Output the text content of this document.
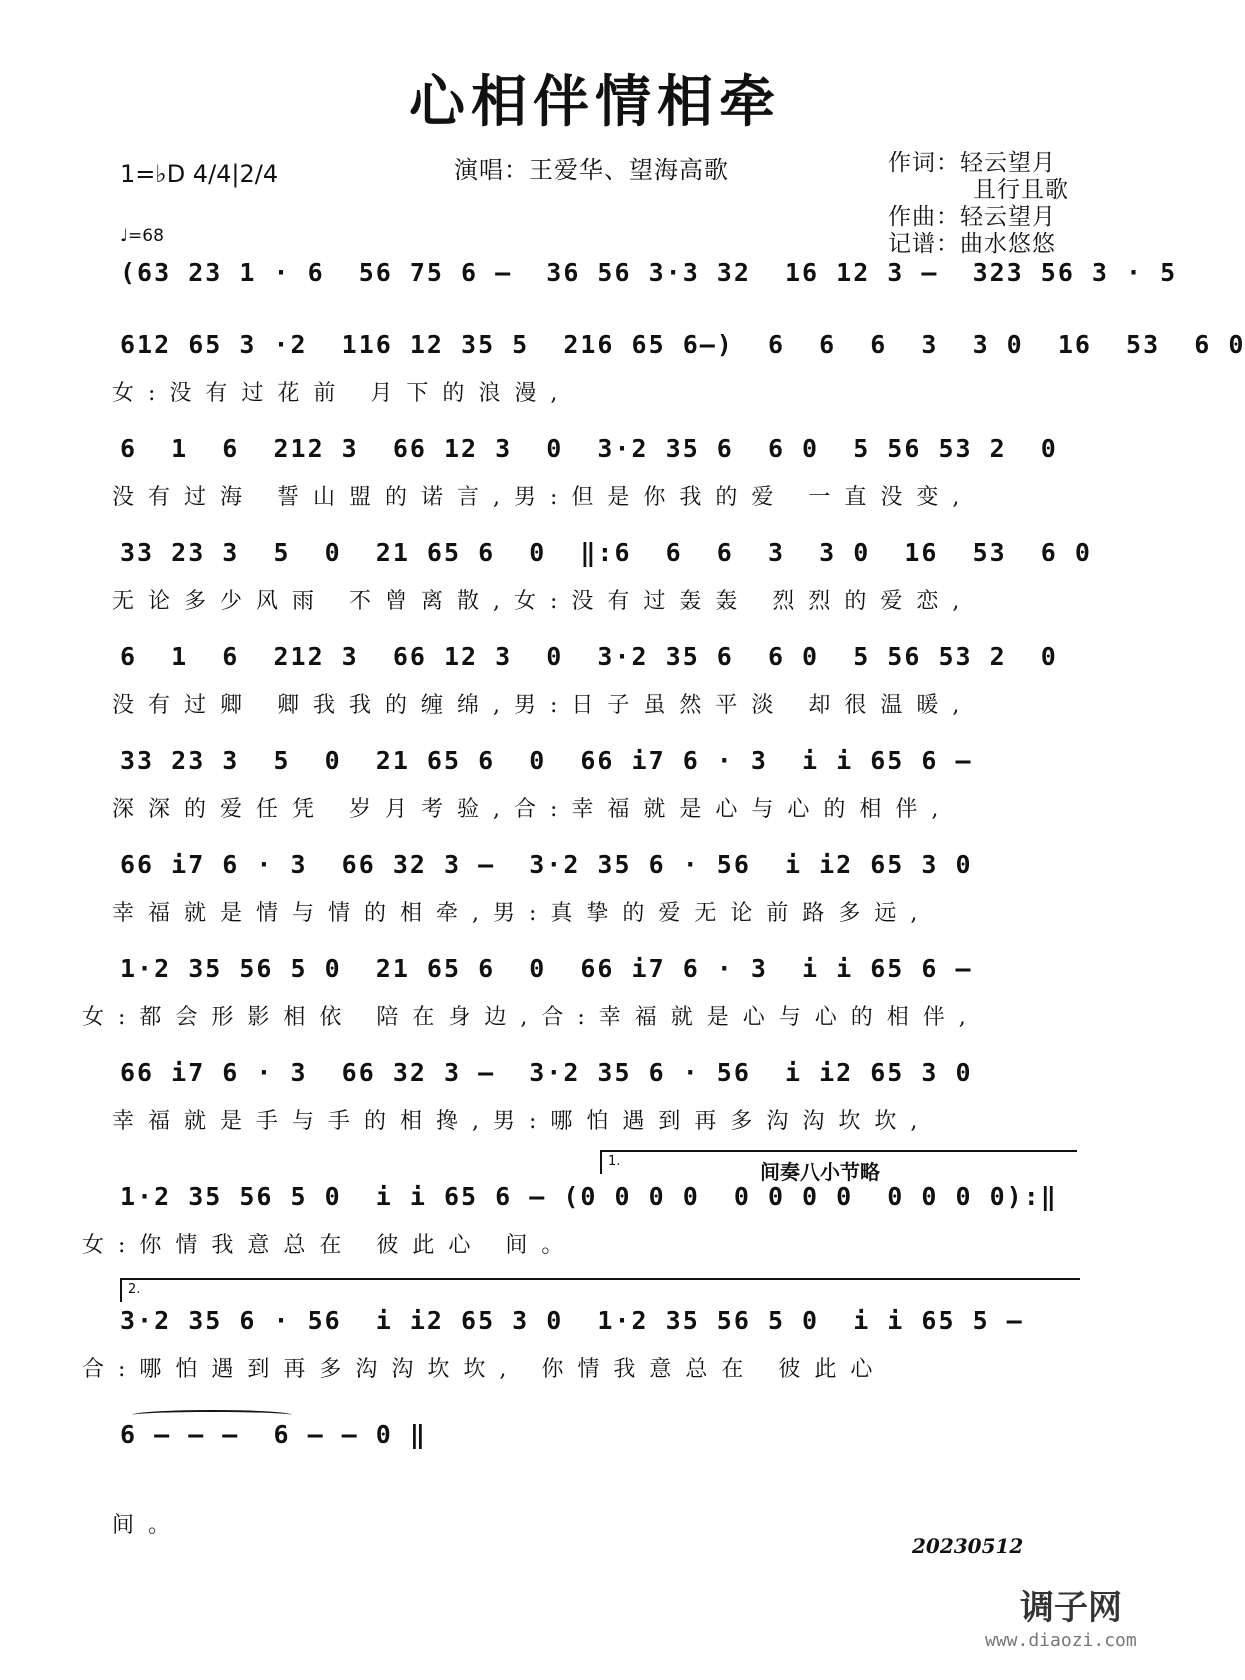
心相伴情相牵
1=♭D 4/4|2/4
♩=68
演唱：王爱华、望海高歌	作词：轻云望月
且行且歌
作曲：轻云望月
记谱：曲水悠悠
(63 23 1 · 6  56 75 6 –  36 56 3·3 32  16 12 3 –  323 56 3 · 5
612 65 3 ·2  116 12 35 5  216 65 6–)  6  6  6  3  3 0  16  53  6 0
女:没有过花前 月下的浪漫,
6  1  6  212 3  66 12 3  0  3·2 35 6  6 0  5 56 53 2  0
没有过海 誓山盟的诺言,男:但是你我的爱 一直没变,
33 23 3  5  0  21 65 6  0  ‖:6  6  6  3  3 0  16  53  6 0
无论多少风雨 不曾离散,女:没有过轰轰 烈烈的爱恋,
6  1  6  212 3  66 12 3  0  3·2 35 6  6 0  5 56 53 2  0
没有过卿 卿我我的缠绵,男:日子虽然平淡 却很温暖,
33 23 3  5  0  21 65 6  0  66 i7 6 · 3  i i 65 6 –
深深的爱任凭 岁月考验,合:幸福就是心与心的相伴,
66 i7 6 · 3  66 32 3 –  3·2 35 6 · 56  i i2 65 3 0
幸福就是情与情的相牵,男:真挚的爱无论前路多远,
1·2 35 56 5 0  21 65 6  0  66 i7 6 · 3  i i 65 6 –
女:都会形影相依 陪在身边,合:幸福就是心与心的相伴,
66 i7 6 · 3  66 32 3 –  3·2 35 6 · 56  i i2 65 3 0
幸福就是手与手的相搀,男:哪怕遇到再多沟沟坎坎,
1.	间奏八小节略
1·2 35 56 5 0  i i 65 6 – (0 0 0 0  0 0 0 0  0 0 0 0):‖
女:你情我意总在 彼此心 间。
2.
3·2 35 6 · 56  i i2 65 3 0  1·2 35 56 5 0  i i 65 5 –
合:哪怕遇到再多沟沟坎坎, 你情我意总在 彼此心
6 – – –  6 – – 0 ‖
间。
20230512
调子网
www.diaozi.com
